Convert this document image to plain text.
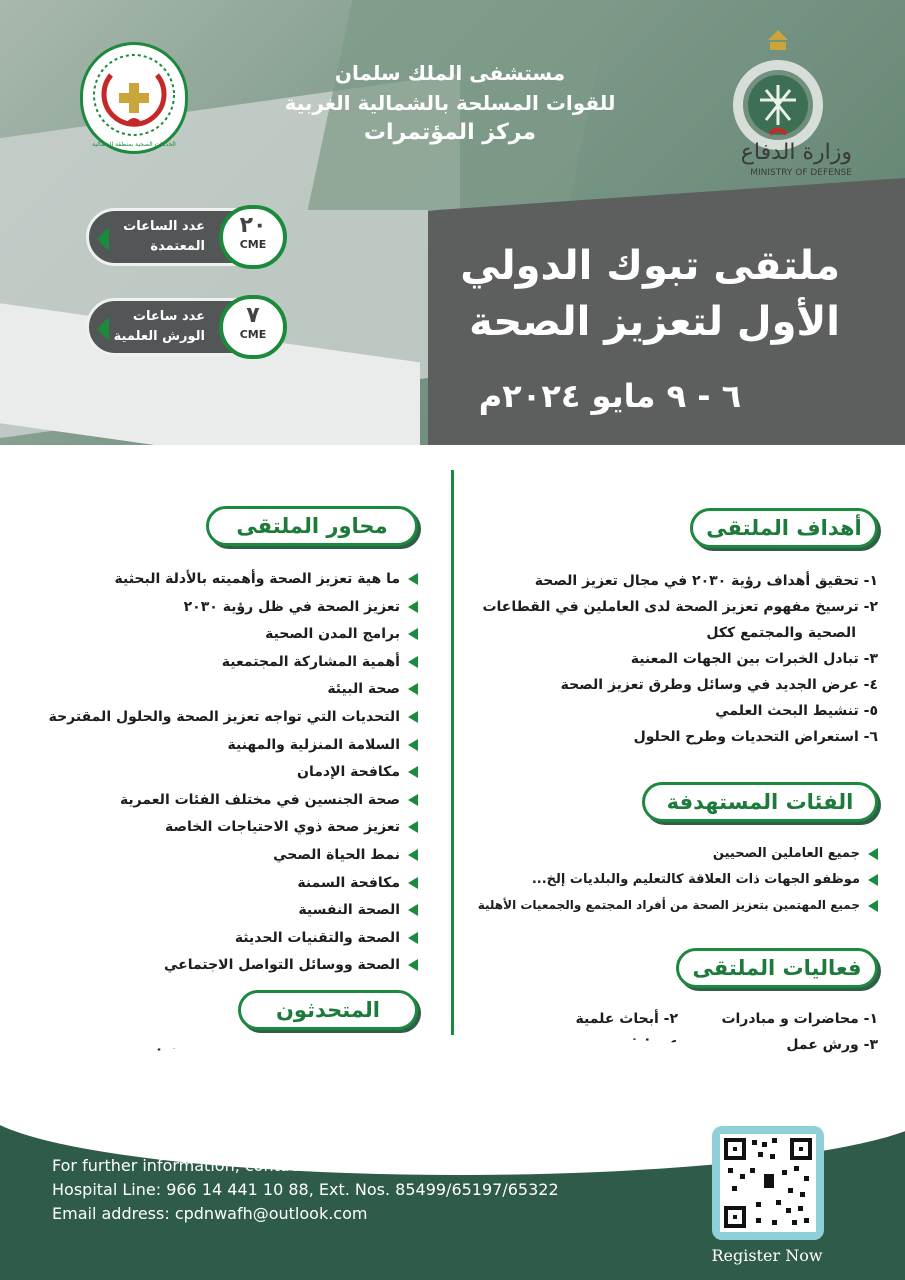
الخدمات الصحية بمنطقة الشمالية
مستشفى الملك سلمان
للقوات المسلحة بالشمالية الغربية
مركز المؤتمرات
وزارة الدفاع
MINISTRY OF DEFENSE
عدد الساعات
المعتمدة
٢٠
CME
عدد ساعات
الورش العلمية
٧
CME
ملتقى تبوك الدولي
الأول لتعزيز الصحة
٦ - ٩ مايو ٢٠٢٤م
أهداف الملتقى
١- تحقيق أهداف رؤية ٢٠٣٠ في مجال تعزيز الصحة
٢- ترسيخ مفهوم تعزيز الصحة لدى العاملين في القطاعات
الصحية والمجتمع ككل
٣- تبادل الخبرات بين الجهات المعنية
٤- عرض الجديد في وسائل وطرق تعزيز الصحة
٥- تنشيط البحث العلمي
٦- استعراض التحديات وطرح الحلول
الفئات المستهدفة
جميع العاملين الصحيين
موظفو الجهات ذات العلاقة كالتعليم والبلديات إلخ...
جميع المهتمين بتعزيز الصحة من أفراد المجتمع والجمعيات الأهلية
فعاليات الملتقى
١- محاضرات و مبادرات
٢- أبحاث علمية
٣- ورش عمل
محاور الملتقى
ما هية تعزيز الصحة وأهميته بالأدلة البحثية
تعزيز الصحة في ظل رؤية ٢٠٣٠
برامج المدن الصحية
أهمية المشاركة المجتمعية
صحة البيئة
التحديات التي تواجه تعزيز الصحة والحلول المقترحة
السلامة المنزلية والمهنية
مكافحة الإدمان
صحة الجنسين في مختلف الفئات العمرية
تعزيز صحة ذوي الاحتياجات الخاصة
نمط الحياة الصحي
مكافحة السمنة
الصحة النفسية
الصحة والتقنيات الحديثة
الصحة ووسائل التواصل الاجتماعي
المتحدثون
For further information, contact the CPD Section
Hospital Line: 966 14 441 10 88, Ext. Nos. 85499/65197/65322
Email address: cpdnwafh@outlook.com
Register Now
